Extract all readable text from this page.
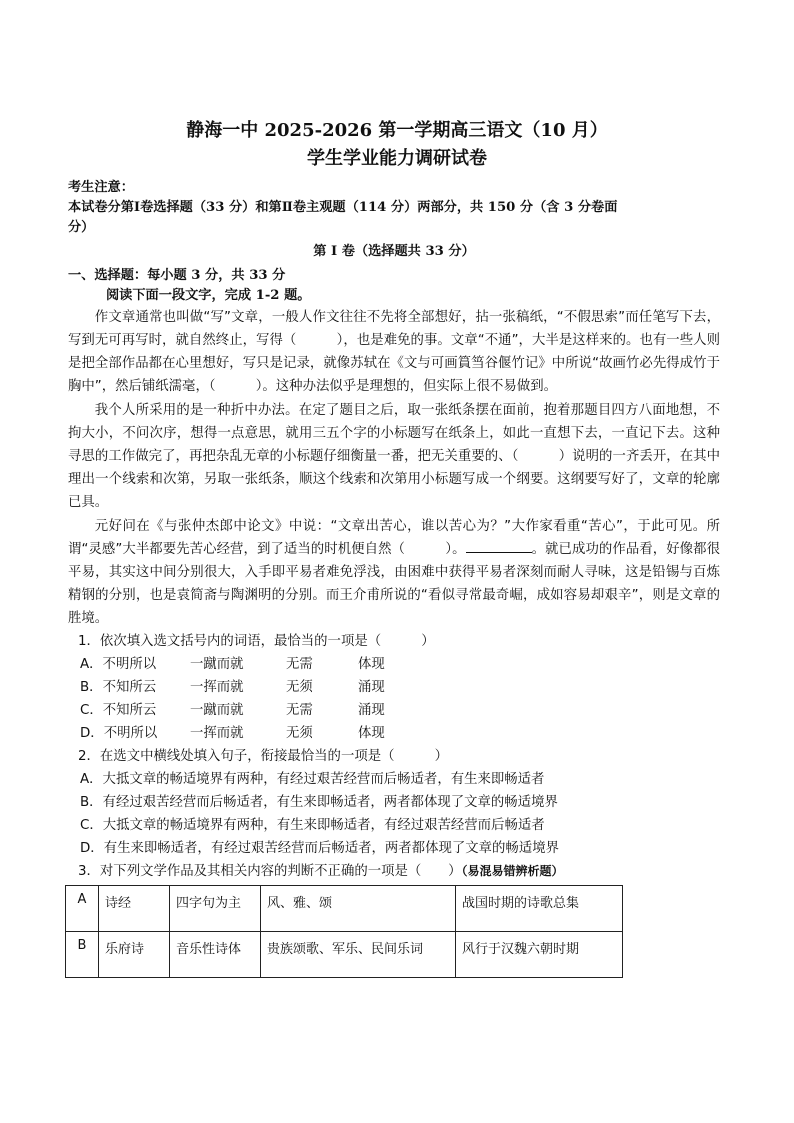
静海一中 2025-2026 第一学期高三语文（10 月）
学生学业能力调研试卷
考生注意：
本试卷分第Ⅰ卷选择题（33 分）和第Ⅱ卷主观题（114 分）两部分，共 150 分（含 3 分卷面
分）
第 Ⅰ 卷（选择题共 33 分）
一、选择题：每小题 3 分，共 33 分
阅读下面一段文字，完成 1-2 题。
作文章通常也叫做“写”文章，一般人作文往往不先将全部想好，拈一张稿纸，“不假思索”而任笔写下去，写到无可再写时，就自然终止，写得（　　　），也是难免的事。文章“不通”，大半是这样来的。也有一些人则是把全部作品都在心里想好，写只是记录，就像苏轼在《文与可画篔筜谷偃竹记》中所说“故画竹必先得成竹于胸中”，然后铺纸濡毫，（　　　）。这种办法似乎是理想的，但实际上很不易做到。
我个人所采用的是一种折中办法。在定了题目之后，取一张纸条摆在面前，抱着那题目四方八面地想，不拘大小，不问次序，想得一点意思，就用三五个字的小标题写在纸条上，如此一直想下去，一直记下去。这种寻思的工作做完了，再把杂乱无章的小标题仔细衡量一番，把无关重要的、（　　　）说明的一齐丢开，在其中理出一个线索和次第，另取一张纸条，顺这个线索和次第用小标题写成一个纲要。这纲要写好了，文章的轮廓已具。
元好问在《与张仲杰郎中论文》中说：“文章出苦心，谁以苦心为？”大作家看重“苦心”，于此可见。所谓“灵感”大半都要先苦心经营，到了适当的时机便自然（　　　）。	。就已成功的作品看，好像都很平易，其实这中间分别很大，入手即平易者难免浮浅，由困难中获得平易者深刻而耐人寻味，这是铅锡与百炼精钢的分别，也是袁简斋与陶渊明的分别。而王介甫所说的“看似寻常最奇崛，成如容易却艰辛”，则是文章的胜境。
1．依次填入选文括号内的词语，最恰当的一项是（　　　）
A．不明所以	一蹴而就	无需	体现
B．不知所云	一挥而就	无须	涌现
C．不知所云	一蹴而就	无需	涌现
D．不明所以	一挥而就	无须	体现
2．在选文中横线处填入句子，衔接最恰当的一项是（　　　）
A．大抵文章的畅适境界有两种，有经过艰苦经营而后畅适者，有生来即畅适者
B．有经过艰苦经营而后畅适者，有生来即畅适者，两者都体现了文章的畅适境界
C．大抵文章的畅适境界有两种，有生来即畅适者，有经过艰苦经营而后畅适者
D．有生来即畅适者，有经过艰苦经营而后畅适者，两者都体现了文章的畅适境界
3．对下列文学作品及其相关内容的判断不正确的一项是（　　）（易混易错辨析题）
A	诗经	四字句为主	风、雅、颂	战国时期的诗歌总集
B	乐府诗	音乐性诗体	贵族颂歌、军乐、民间乐词	风行于汉魏六朝时期
